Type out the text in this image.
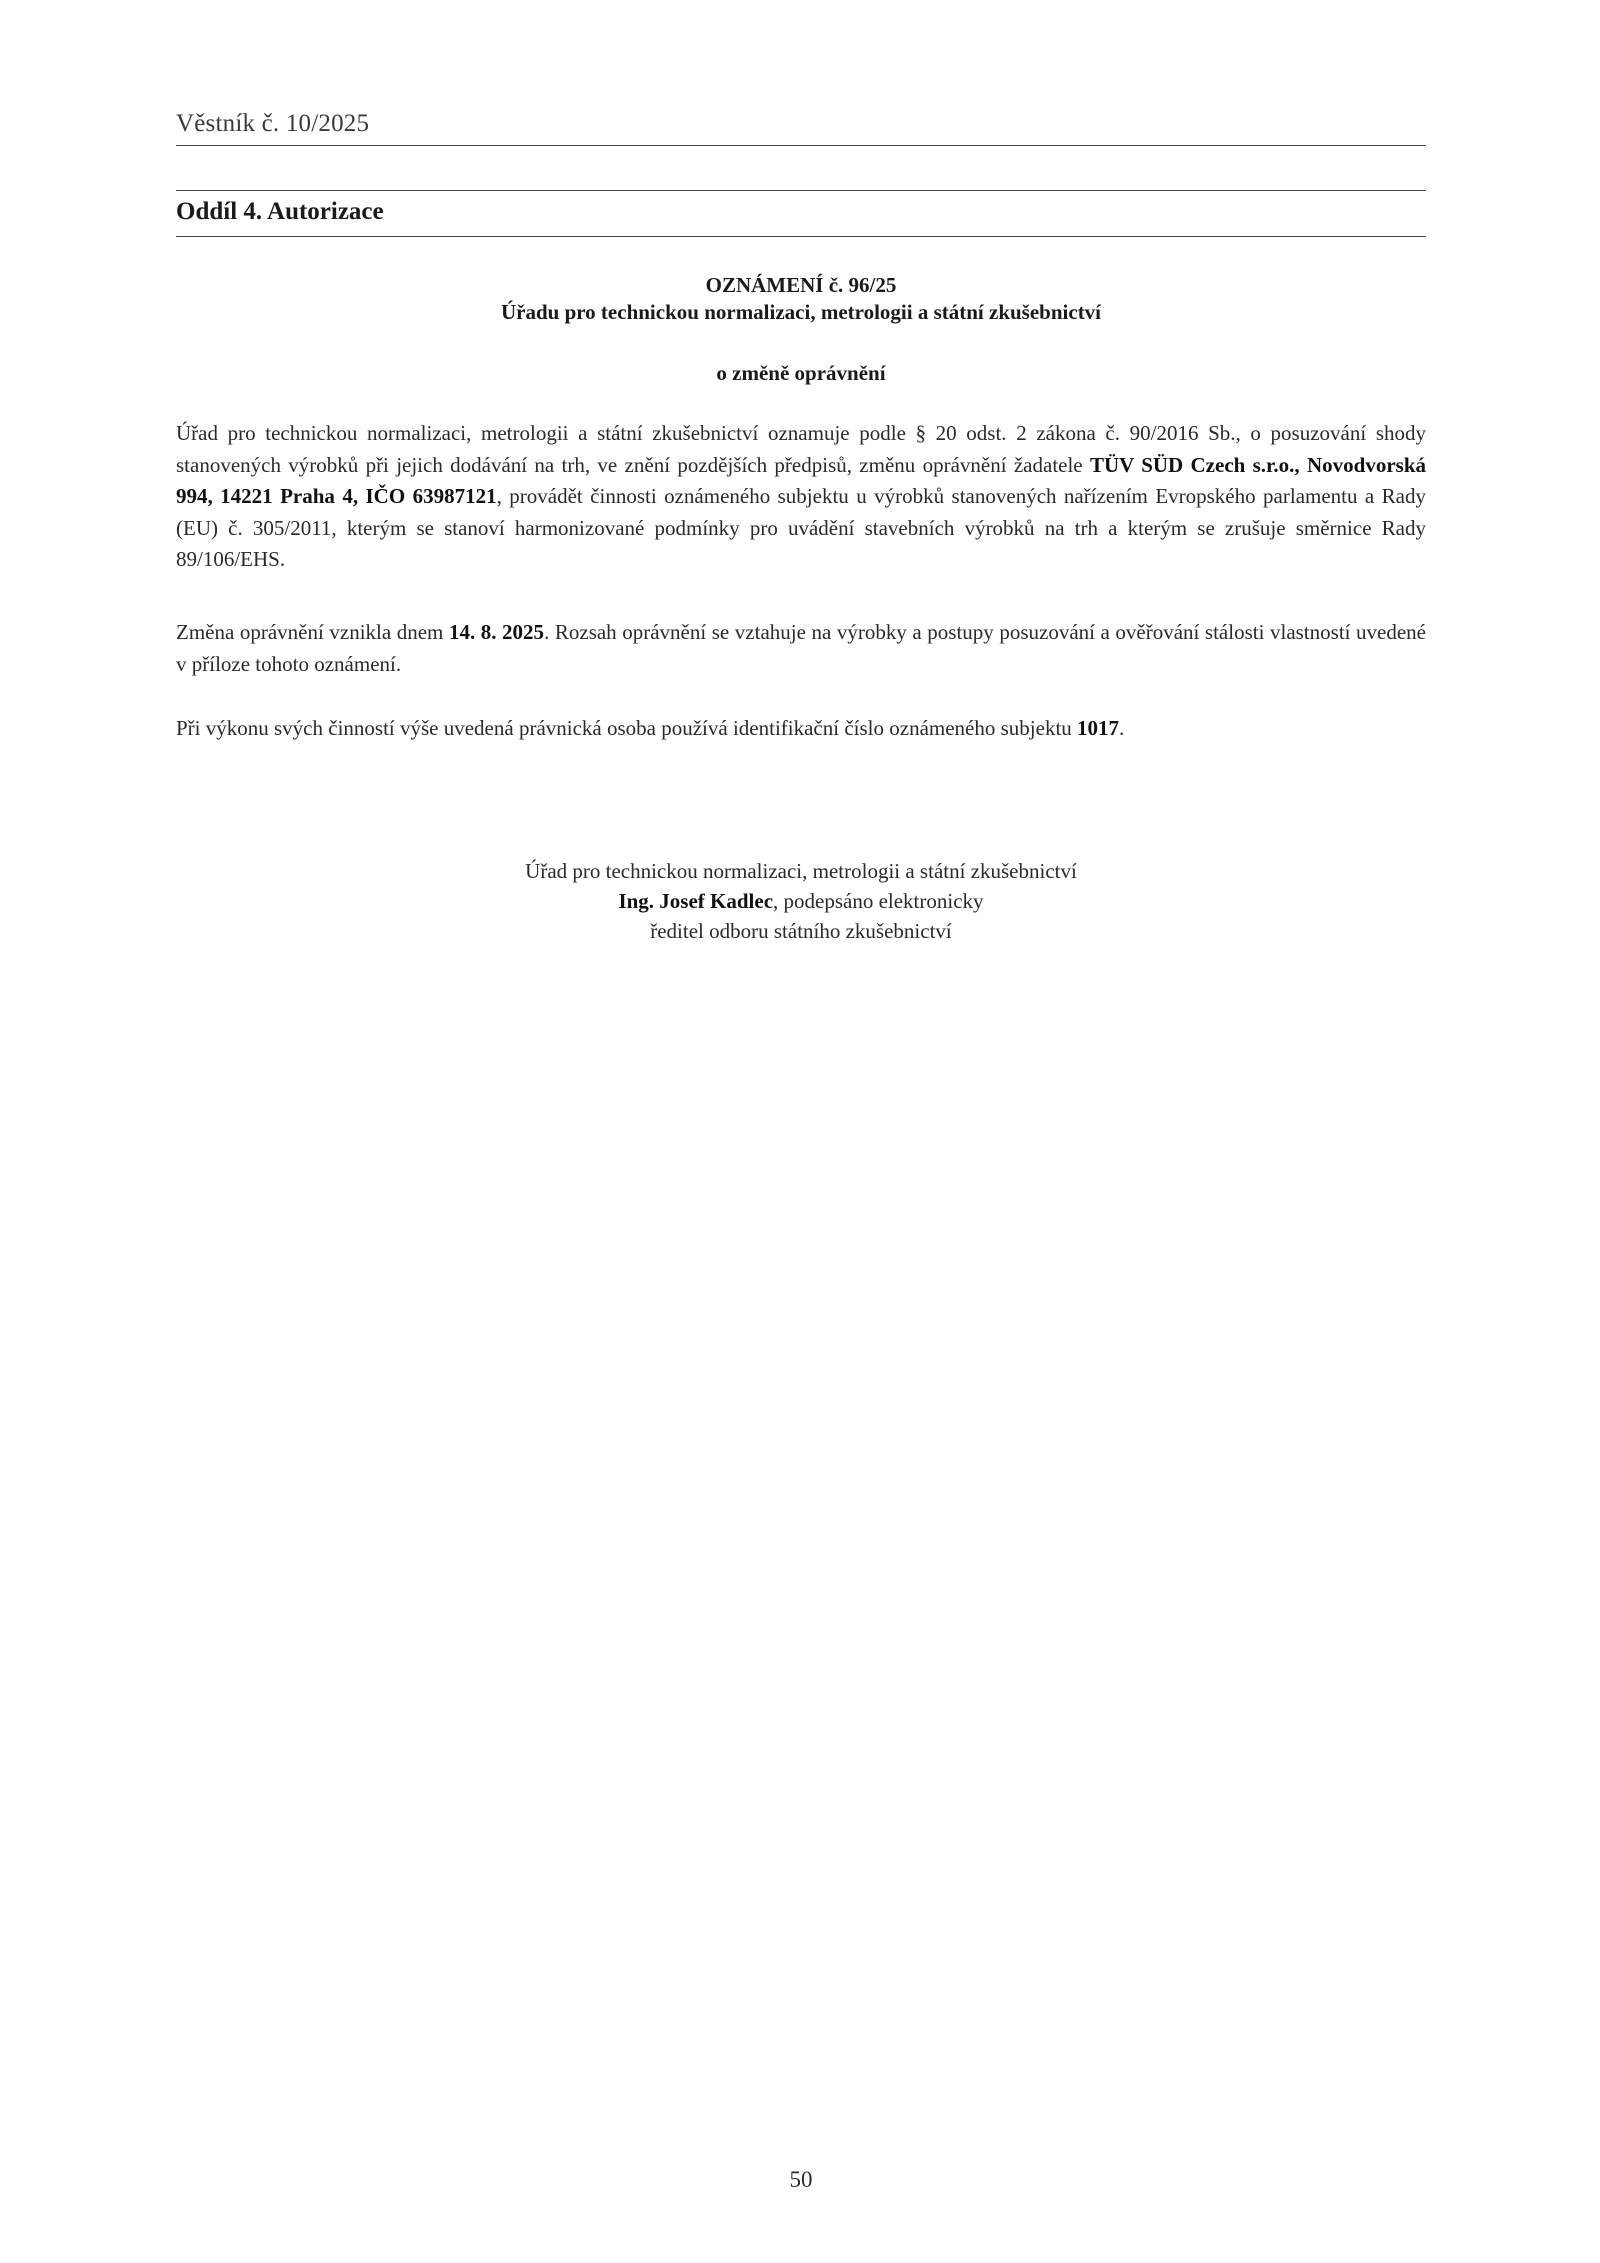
Věstník č. 10/2025
Oddíl 4. Autorizace
OZNÁMENÍ č. 96/25
Úřadu pro technickou normalizaci, metrologii a státní zkušebnictví
o změně oprávnění
Úřad pro technickou normalizaci, metrologii a státní zkušebnictví oznamuje podle § 20 odst. 2 zákona č. 90/2016 Sb., o posuzování shody stanovených výrobků při jejich dodávání na trh, ve znění pozdějších předpisů, změnu oprávnění žadatele TÜV SÜD Czech s.r.o., Novodvorská 994, 14221 Praha 4, IČO 63987121, provádět činnosti oznámeného subjektu u výrobků stanovených nařízením Evropského parlamentu a Rady (EU) č. 305/2011, kterým se stanoví harmonizované podmínky pro uvádění stavebních výrobků na trh a kterým se zrušuje směrnice Rady 89/106/EHS.
Změna oprávnění vznikla dnem 14. 8. 2025. Rozsah oprávnění se vztahuje na výrobky a postupy posuzování a ověřování stálosti vlastností uvedené v příloze tohoto oznámení.
Při výkonu svých činností výše uvedená právnická osoba používá identifikační číslo oznámeného subjektu 1017.
Úřad pro technickou normalizaci, metrologii a státní zkušebnictví
Ing. Josef Kadlec, podepsáno elektronicky
ředitel odboru státního zkušebnictví
50
